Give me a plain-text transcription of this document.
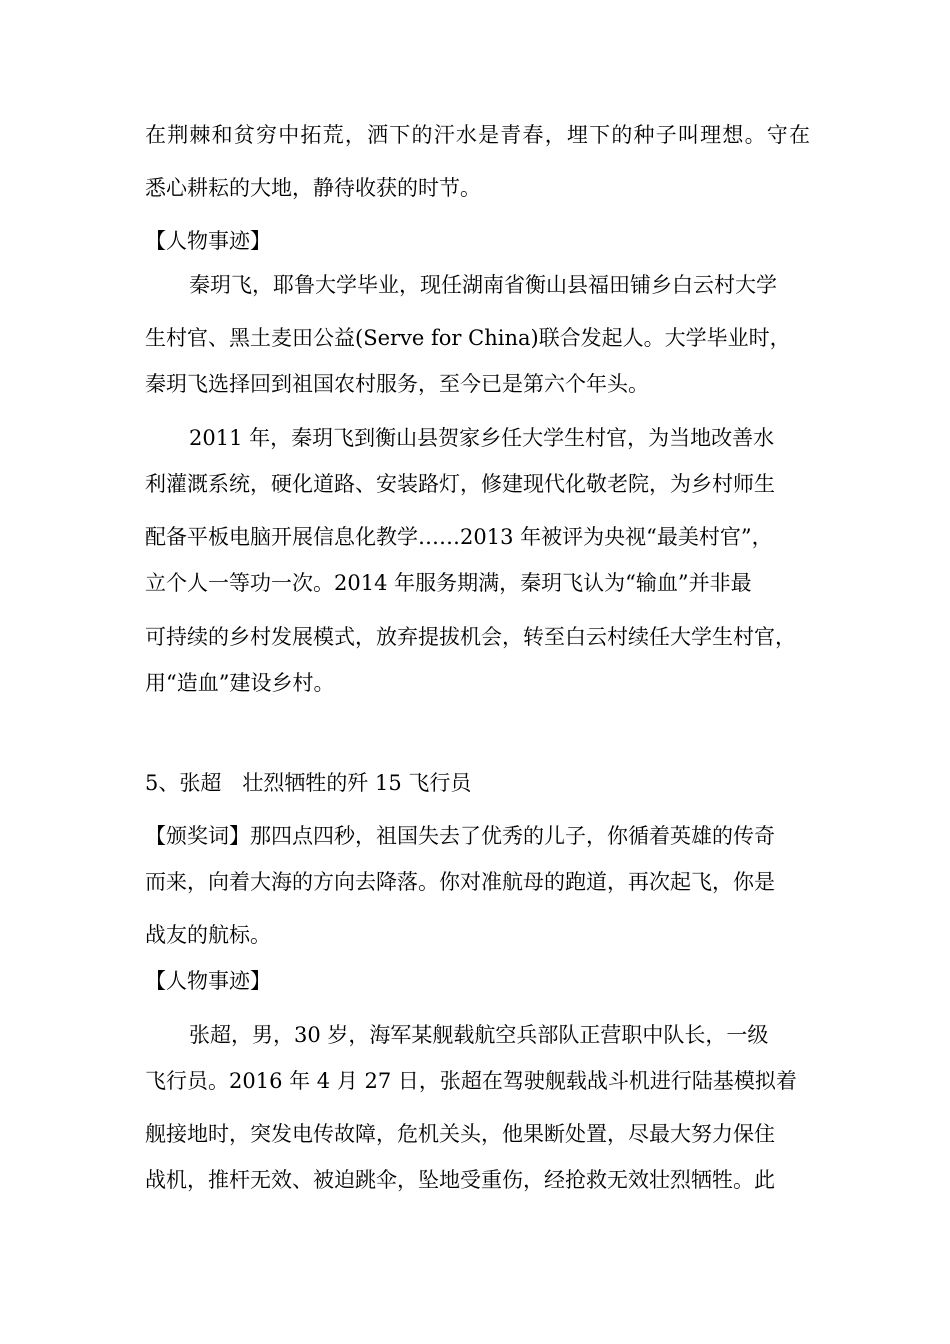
在荆棘和贫穷中拓荒，洒下的汗水是青春，埋下的种子叫理想。守在
悉心耕耘的大地，静待收获的时节。
【人物事迹】
秦玥飞，耶鲁大学毕业，现任湖南省衡山县福田铺乡白云村大学
生村官、黑土麦田公益(Serve for China)联合发起人。大学毕业时，
秦玥飞选择回到祖国农村服务，至今已是第六个年头。
2011 年，秦玥飞到衡山县贺家乡任大学生村官，为当地改善水
利灌溉系统，硬化道路、安装路灯，修建现代化敬老院，为乡村师生
配备平板电脑开展信息化教学……2013 年被评为央视“最美村官”，
立个人一等功一次。2014 年服务期满，秦玥飞认为“输血”并非最
可持续的乡村发展模式，放弃提拔机会，转至白云村续任大学生村官，
用“造血”建设乡村。
5、张超　壮烈牺牲的歼 15 飞行员
【颁奖词】那四点四秒，祖国失去了优秀的儿子，你循着英雄的传奇
而来，向着大海的方向去降落。你对准航母的跑道，再次起飞，你是
战友的航标。
【人物事迹】
张超，男，30 岁，海军某舰载航空兵部队正营职中队长，一级
飞行员。2016 年 4 月 27 日，张超在驾驶舰载战斗机进行陆基模拟着
舰接地时，突发电传故障，危机关头，他果断处置，尽最大努力保住
战机，推杆无效、被迫跳伞，坠地受重伤，经抢救无效壮烈牺牲。此
